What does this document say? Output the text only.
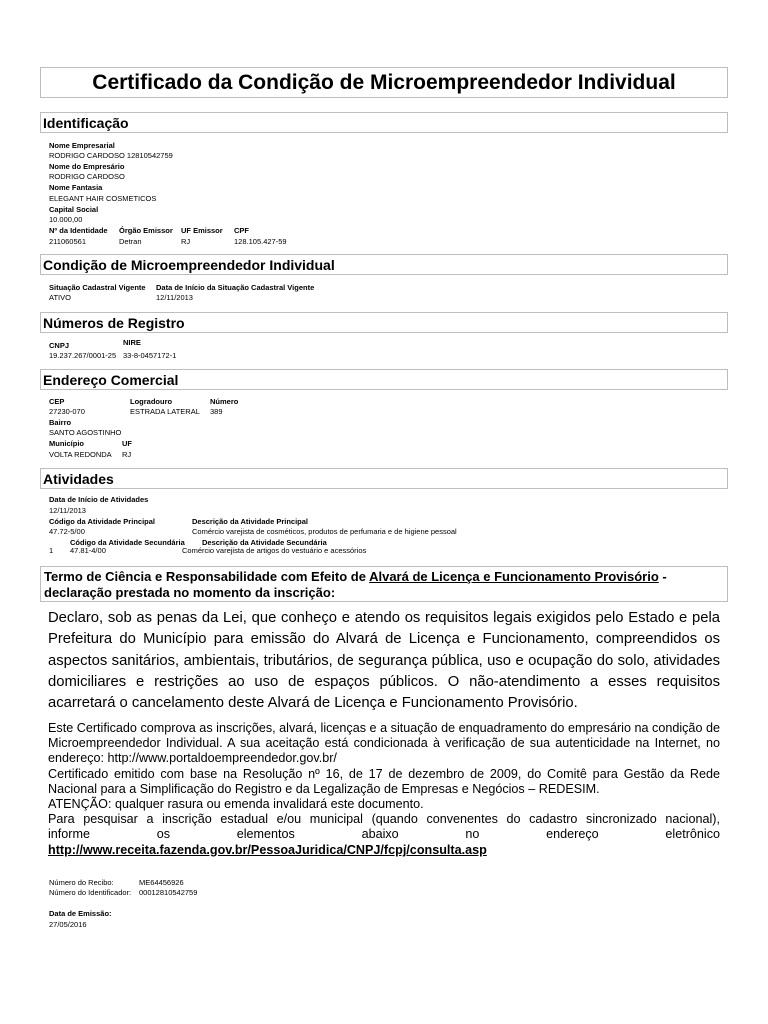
Certificado da Condição de Microempreendedor Individual
Identificação
Nome Empresarial
RODRIGO CARDOSO 12810542759
Nome do Empresário
RODRIGO CARDOSO
Nome Fantasia
ELEGANT HAIR COSMETICOS
Capital Social
10.000,00
Nº da Identidade
211060561
Órgão Emissor
Detran
UF Emissor
RJ
CPF
128.105.427-59
Condição de Microempreendedor Individual
Situação Cadastral Vigente
ATIVO
Data de Início da Situação Cadastral Vigente
12/11/2013
Números de Registro
CNPJ	NIRE
19.237.267/0001-25 33-8-0457172-1
Endereço Comercial
CEP
27230-070
Logradouro
ESTRADA LATERAL
Número
389
Bairro
SANTO AGOSTINHO
Município
VOLTA REDONDA
UF
RJ
Atividades
Data de Início de Atividades
12/11/2013
Código da Atividade Principal	Descrição da Atividade Principal
47.72-5/00	Comércio varejista de cosméticos, produtos de perfumaria e de higiene pessoal
Código da Atividade Secundária Descrição da Atividade Secundária
1 47.81-4/00	Comércio varejista de artigos do vestuário e acessórios
Termo de Ciência e Responsabilidade com Efeito de Alvará de Licença e Funcionamento Provisório - declaração prestada no momento da inscrição:
Declaro, sob as penas da Lei, que conheço e atendo os requisitos legais exigidos pelo Estado e pela Prefeitura do Município para emissão do Alvará de Licença e Funcionamento, compreendidos os aspectos sanitários, ambientais, tributários, de segurança pública, uso e ocupação do solo, atividades domiciliares e restrições ao uso de espaços públicos. O não-atendimento a esses requisitos acarretará o cancelamento deste Alvará de Licença e Funcionamento Provisório.
Este Certificado comprova as inscrições, alvará, licenças e a situação de enquadramento do empresário na condição de Microempreendedor Individual. A sua aceitação está condicionada à verificação de sua autenticidade na Internet, no endereço: http://www.portaldoempreendedor.gov.br/
Certificado emitido com base na Resolução nº 16, de 17 de dezembro de 2009, do Comitê para Gestão da Rede Nacional para a Simplificação do Registro e da Legalização de Empresas e Negócios – REDESIM.
ATENÇÃO: qualquer rasura ou emenda invalidará este documento.
Para pesquisar a inscrição estadual e/ou municipal (quando convenentes do cadastro sincronizado nacional),
informe os elementos abaixo no endereço eletrônico
http://www.receita.fazenda.gov.br/PessoaJuridica/CNPJ/fcpj/consulta.asp
Número do Recibo:	ME64456926
Número do Identificador: 00012810542759
Data de Emissão:
27/05/2016
